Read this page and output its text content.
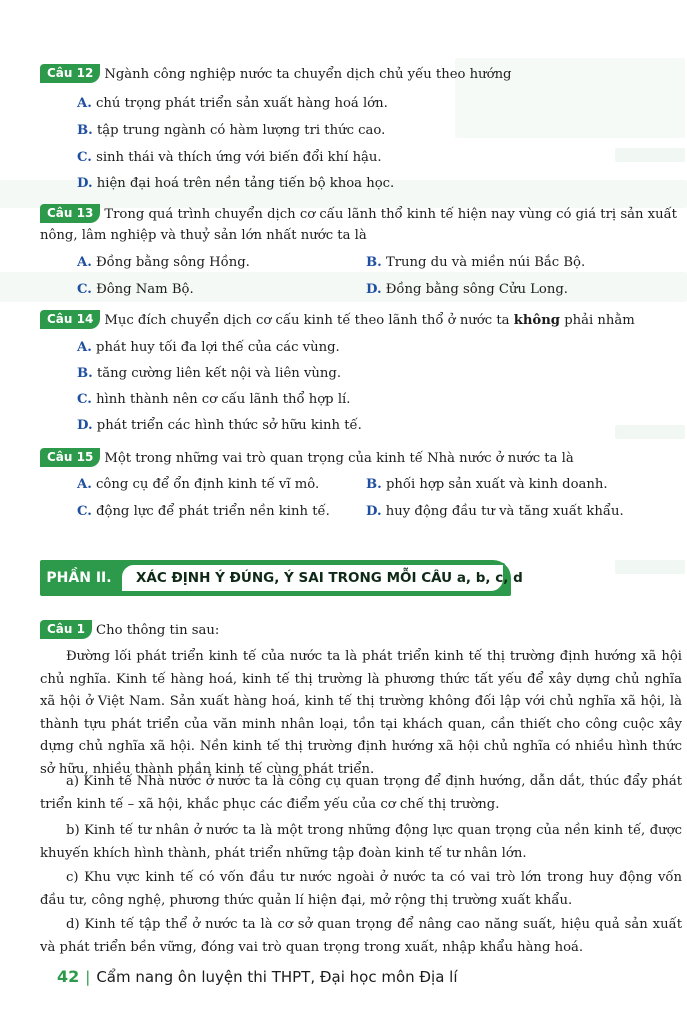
Câu 12 Ngành công nghiệp nước ta chuyển dịch chủ yếu theo hướng
A. chú trọng phát triển sản xuất hàng hoá lớn.
B. tập trung ngành có hàm lượng tri thức cao.
C. sinh thái và thích ứng với biến đổi khí hậu.
D. hiện đại hoá trên nền tảng tiến bộ khoa học.
Câu 13 Trong quá trình chuyển dịch cơ cấu lãnh thổ kinh tế hiện nay vùng có giá trị sản xuất nông, lâm nghiệp và thuỷ sản lớn nhất nước ta là
A. Đồng bằng sông Hồng.	B. Trung du và miền núi Bắc Bộ.
C. Đông Nam Bộ.	D. Đồng bằng sông Cửu Long.
Câu 14 Mục đích chuyển dịch cơ cấu kinh tế theo lãnh thổ ở nước ta không phải nhằm
A. phát huy tối đa lợi thế của các vùng.
B. tăng cường liên kết nội và liên vùng.
C. hình thành nên cơ cấu lãnh thổ hợp lí.
D. phát triển các hình thức sở hữu kinh tế.
Câu 15 Một trong những vai trò quan trọng của kinh tế Nhà nước ở nước ta là
A. công cụ để ổn định kinh tế vĩ mô.	B. phối hợp sản xuất và kinh doanh.
C. động lực để phát triển nền kinh tế.	D. huy động đầu tư và tăng xuất khẩu.
PHẦN II.	XÁC ĐỊNH Ý ĐÚNG, Ý SAI TRONG MỖI CÂU a, b, c, d
Câu 1 Cho thông tin sau:
Đường lối phát triển kinh tế của nước ta là phát triển kinh tế thị trường định hướng xã hội chủ nghĩa. Kinh tế hàng hoá, kinh tế thị trường là phương thức tất yếu để xây dựng chủ nghĩa xã hội ở Việt Nam. Sản xuất hàng hoá, kinh tế thị trường không đối lập với chủ nghĩa xã hội, là thành tựu phát triển của văn minh nhân loại, tồn tại khách quan, cần thiết cho công cuộc xây dựng chủ nghĩa xã hội. Nền kinh tế thị trường định hướng xã hội chủ nghĩa có nhiều hình thức sở hữu, nhiều thành phần kinh tế cùng phát triển.
a) Kinh tế Nhà nước ở nước ta là công cụ quan trọng để định hướng, dẫn dắt, thúc đẩy phát triển kinh tế – xã hội, khắc phục các điểm yếu của cơ chế thị trường.
b) Kinh tế tư nhân ở nước ta là một trong những động lực quan trọng của nền kinh tế, được khuyến khích hình thành, phát triển những tập đoàn kinh tế tư nhân lớn.
c) Khu vực kinh tế có vốn đầu tư nước ngoài ở nước ta có vai trò lớn trong huy động vốn đầu tư, công nghệ, phương thức quản lí hiện đại, mở rộng thị trường xuất khẩu.
d) Kinh tế tập thể ở nước ta là cơ sở quan trọng để nâng cao năng suất, hiệu quả sản xuất và phát triển bền vững, đóng vai trò quan trọng trong xuất, nhập khẩu hàng hoá.
42 | Cẩm nang ôn luyện thi THPT, Đại học môn Địa lí
